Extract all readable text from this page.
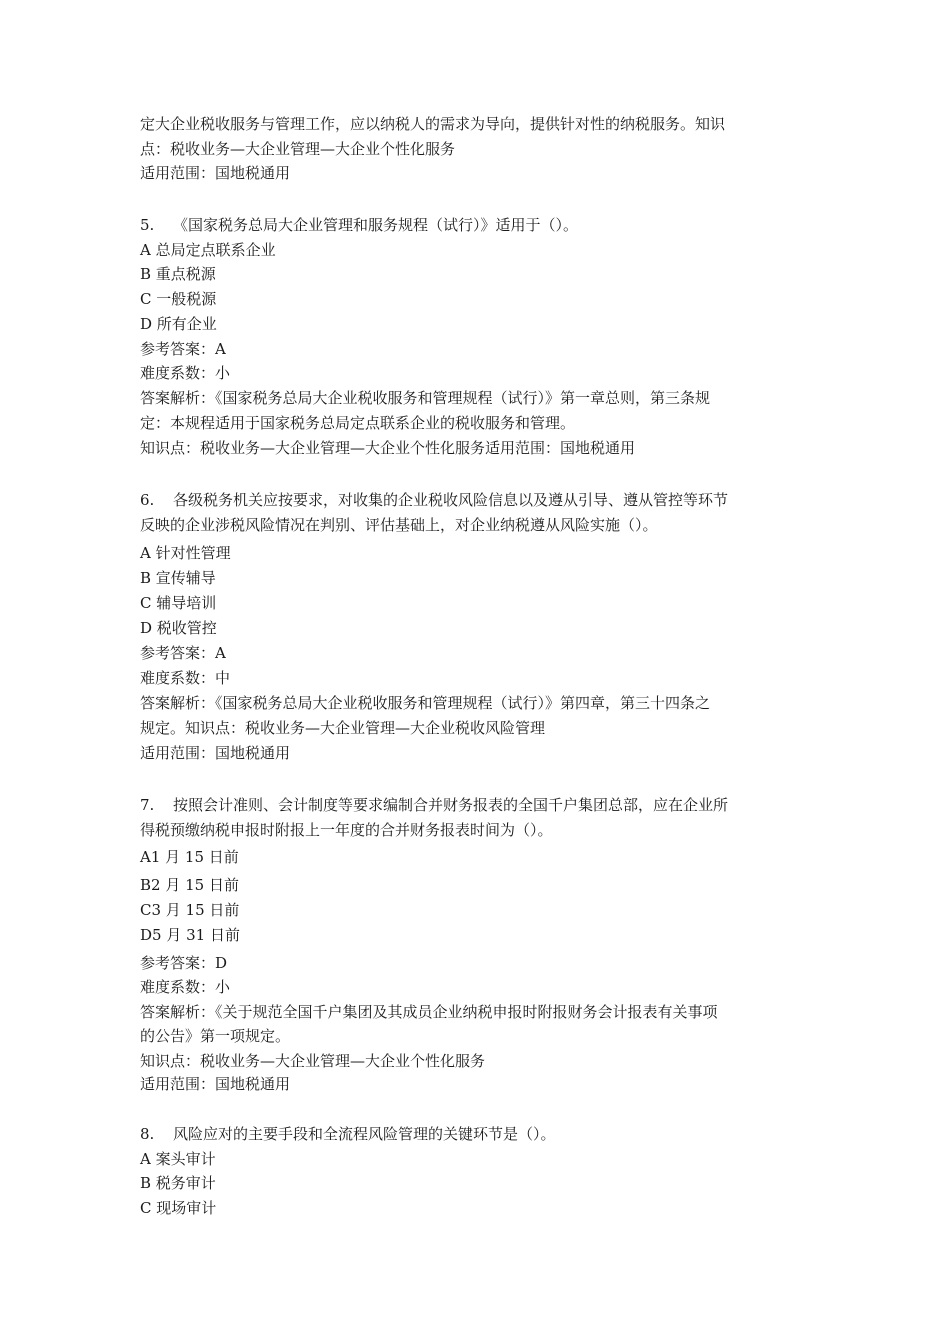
定大企业税收服务与管理工作，应以纳税人的需求为导向，提供针对性的纳税服务。知识
点：税收业务—大企业管理—大企业个性化服务
适用范围：国地税通用
5. 《国家税务总局大企业管理和服务规程（试行）》适用于（）。
A 总局定点联系企业
B 重点税源
C 一般税源
D 所有企业
参考答案：A
难度系数：小
答案解析：《国家税务总局大企业税收服务和管理规程（试行）》第一章总则，第三条规
定：本规程适用于国家税务总局定点联系企业的税收服务和管理。
知识点：税收业务—大企业管理—大企业个性化服务适用范围：国地税通用
6. 各级税务机关应按要求，对收集的企业税收风险信息以及遵从引导、遵从管控等环节
反映的企业涉税风险情况在判别、评估基础上，对企业纳税遵从风险实施（）。
A 针对性管理
B 宣传辅导
C 辅导培训
D 税收管控
参考答案：A
难度系数：中
答案解析：《国家税务总局大企业税收服务和管理规程（试行）》第四章，第三十四条之
规定。知识点：税收业务—大企业管理—大企业税收风险管理
适用范围：国地税通用
7. 按照会计准则、会计制度等要求编制合并财务报表的全国千户集团总部，应在企业所
得税预缴纳税申报时附报上一年度的合并财务报表时间为（）。
A1 月 15 日前
B2 月 15 日前
C3 月 15 日前
D5 月 31 日前
参考答案：D
难度系数：小
答案解析：《关于规范全国千户集团及其成员企业纳税申报时附报财务会计报表有关事项
的公告》第一项规定。
知识点：税收业务—大企业管理—大企业个性化服务
适用范围：国地税通用
8. 风险应对的主要手段和全流程风险管理的关键环节是（）。
A 案头审计
B 税务审计
C 现场审计
